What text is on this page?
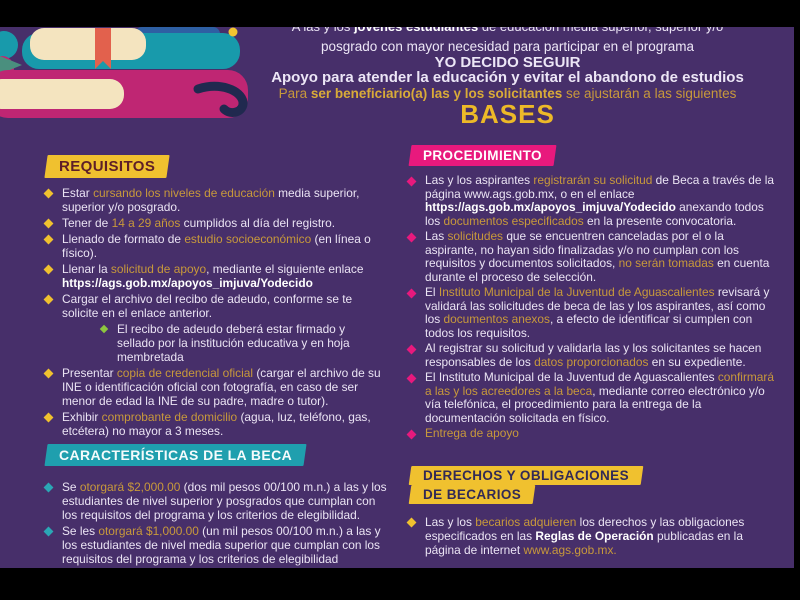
posgrado con mayor necesidad para participar en el programa
YO DECIDO SEGUIR
Apoyo para atender la educación y evitar el abandono de estudios
Para ser beneficiario(a) las y los solicitantes se ajustarán a las siguientes
BASES
REQUISITOS
Estar cursando los niveles de educación media superior, superior y/o posgrado.
Tener de 14 a 29 años cumplidos al día del registro.
Llenado de formato de estudio socioeconómico (en línea o físico).
Llenar la solicitud de apoyo, mediante el siguiente enlace https://ags.gob.mx/apoyos_imjuva/Yodecido
Cargar el archivo del recibo de adeudo, conforme se te solicite en el enlace anterior.
El recibo de adeudo deberá estar firmado y sellado por la institución educativa y en hoja membretada
Presentar copia de credencial oficial (cargar el archivo de su INE o identificación oficial con fotografía, en caso de ser menor de edad la INE de su padre, madre o tutor).
Exhibir comprobante de domicilio (agua, luz, teléfono, gas, etcétera) no mayor a 3 meses.
CARACTERÍSTICAS DE LA BECA
Se otorgará $2,000.00 (dos mil pesos 00/100 m.n.) a las y los estudiantes de nivel superior y posgrados que cumplan con los requisitos del programa y los criterios de elegibilidad.
Se les otorgará $1,000.00 (un mil pesos 00/100 m.n.) a las y los estudiantes de nivel media superior que cumplan con los requisitos del programa y los criterios de elegibilidad
PROCEDIMIENTO
Las y los aspirantes registrarán su solicitud de Beca a través de la página www.ags.gob.mx, o en el enlace https://ags.gob.mx/apoyos_imjuva/Yodecido anexando todos los documentos especificados en la presente convocatoria.
Las solicitudes que se encuentren canceladas por el o la aspirante, no hayan sido finalizadas y/o no cumplan con los requisitos y documentos solicitados, no serán tomadas en cuenta durante el proceso de selección.
El Instituto Municipal de la Juventud de Aguascalientes revisará y validará las solicitudes de beca de las y los aspirantes, así como los documentos anexos, a efecto de identificar si cumplen con todos los requisitos.
Al registrar su solicitud y validarla las y los solicitantes se hacen responsables de los datos proporcionados en su expediente.
El Instituto Municipal de la Juventud de Aguascalientes confirmará a las y los acreedores a la beca, mediante correo electrónico y/o vía telefónica, el procedimiento para la entrega de la documentación solicitada en físico.
Entrega de apoyo
DERECHOS Y OBLIGACIONES
DE BECARIOS
Las y los becarios adquieren los derechos y las obligaciones especificados en las Reglas de Operación publicadas en la página de internet www.ags.gob.mx.
